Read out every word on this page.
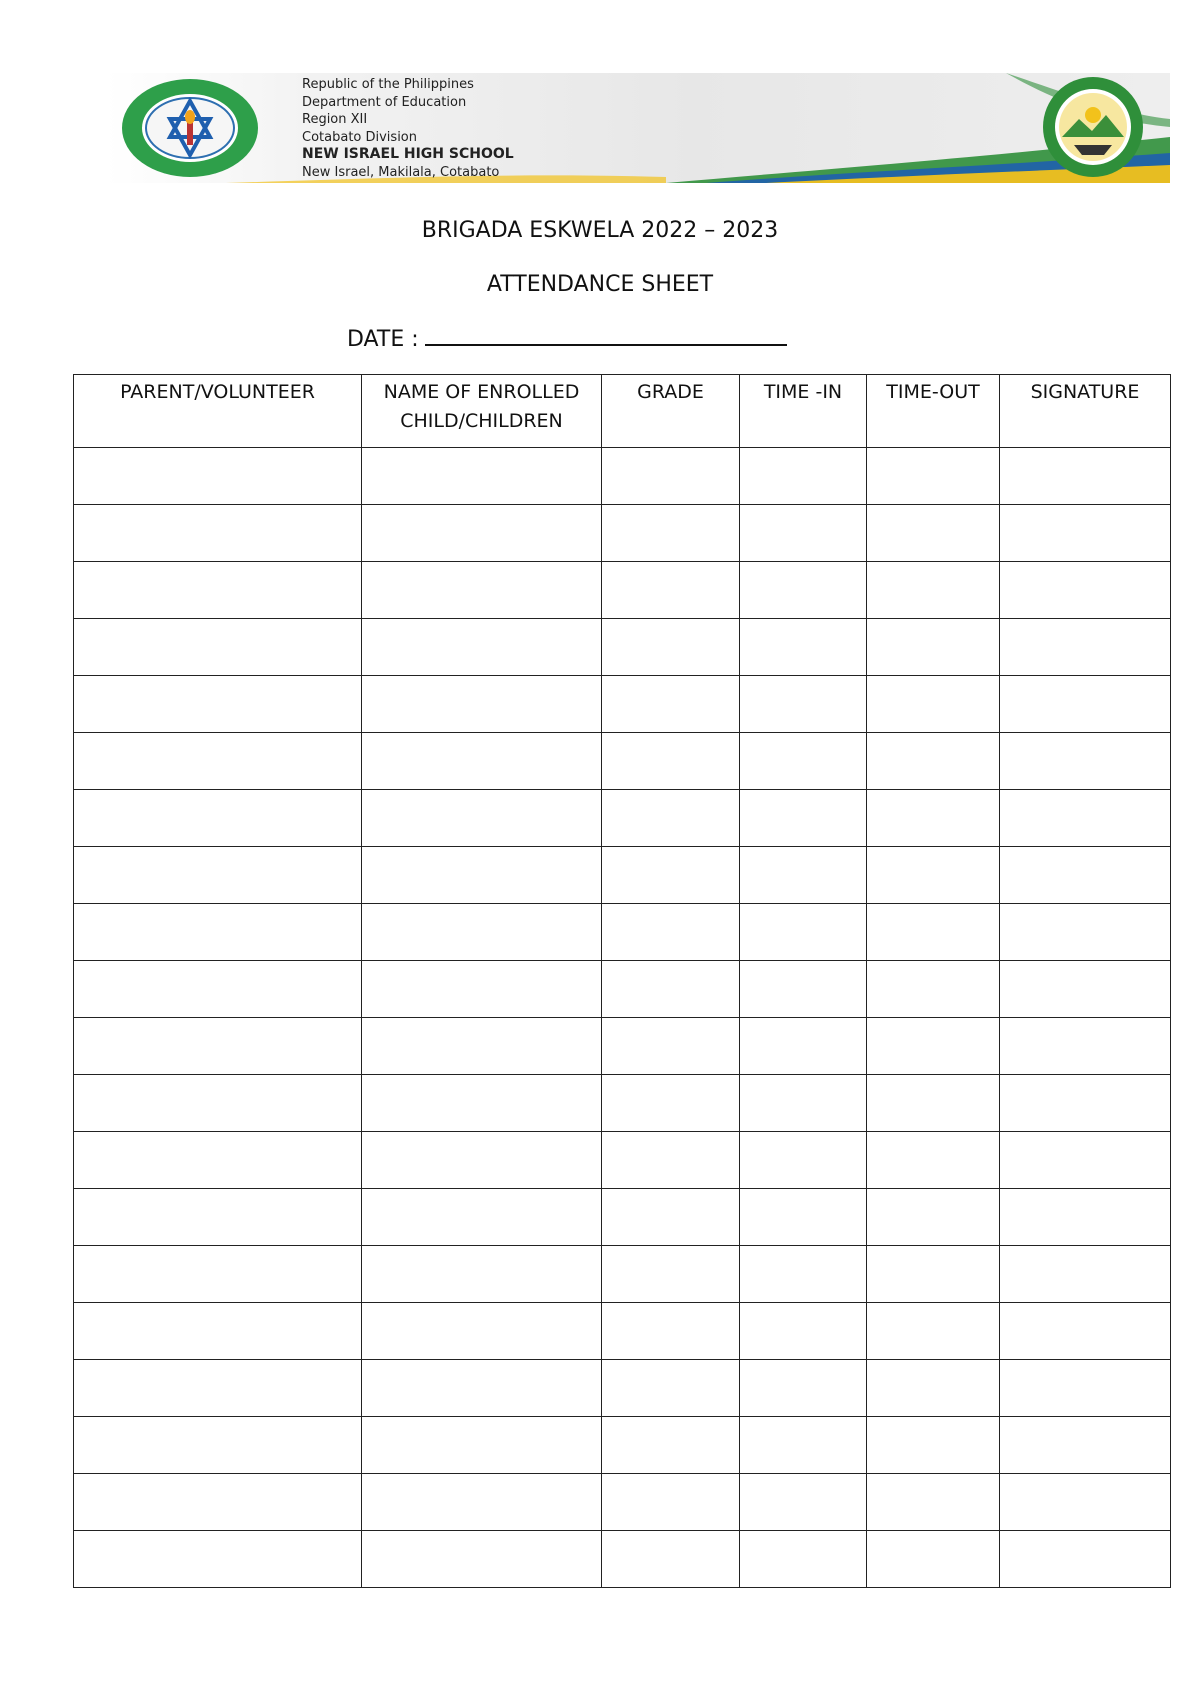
Republic of the Philippines
Department of Education
Region XII
Cotabato Division
NEW ISRAEL HIGH SCHOOL
New Israel, Makilala, Cotabato
BRIGADA ESKWELA 2022 – 2023
ATTENDANCE SHEET
DATE :
PARENT/VOLUNTEER	NAME OF ENROLLED CHILD/CHILDREN	GRADE	TIME -IN	TIME-OUT	SIGNATURE
